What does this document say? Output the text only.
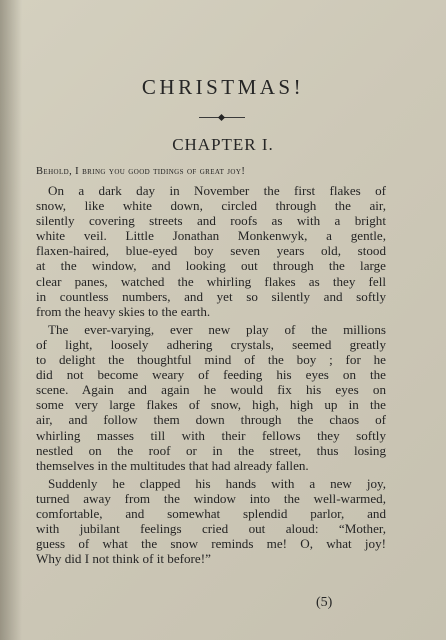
CHRISTMAS!
CHAPTER I.
Behold, I bring you good tidings of great joy!

On a dark day in November the first flakes of
snow, like white down, circled through the air,
silently covering streets and roofs as with a bright
white veil. Little Jonathan Monkenwyk, a gentle,
flaxen-haired, blue-eyed boy seven years old, stood
at the window, and looking out through the large
clear panes, watched the whirling flakes as they fell
in countless numbers, and yet so silently and softly
from the heavy skies to the earth.

The ever-varying, ever new play of the millions
of light, loosely adhering crystals, seemed greatly
to delight the thoughtful mind of the boy ; for he
did not become weary of feeding his eyes on the
scene. Again and again he would fix his eyes on
some very large flakes of snow, high, high up in the
air, and follow them down through the chaos of
whirling masses till with their fellows they softly
nestled on the roof or in the street, thus losing
themselves in the multitudes that had already fallen.

Suddenly he clapped his hands with a new joy,
turned away from the window into the well-warmed,
comfortable, and somewhat splendid parlor, and
with jubilant feelings cried out aloud: “Mother,
guess of what the snow reminds me! O, what joy!
Why did I not think of it before!”

(5)
